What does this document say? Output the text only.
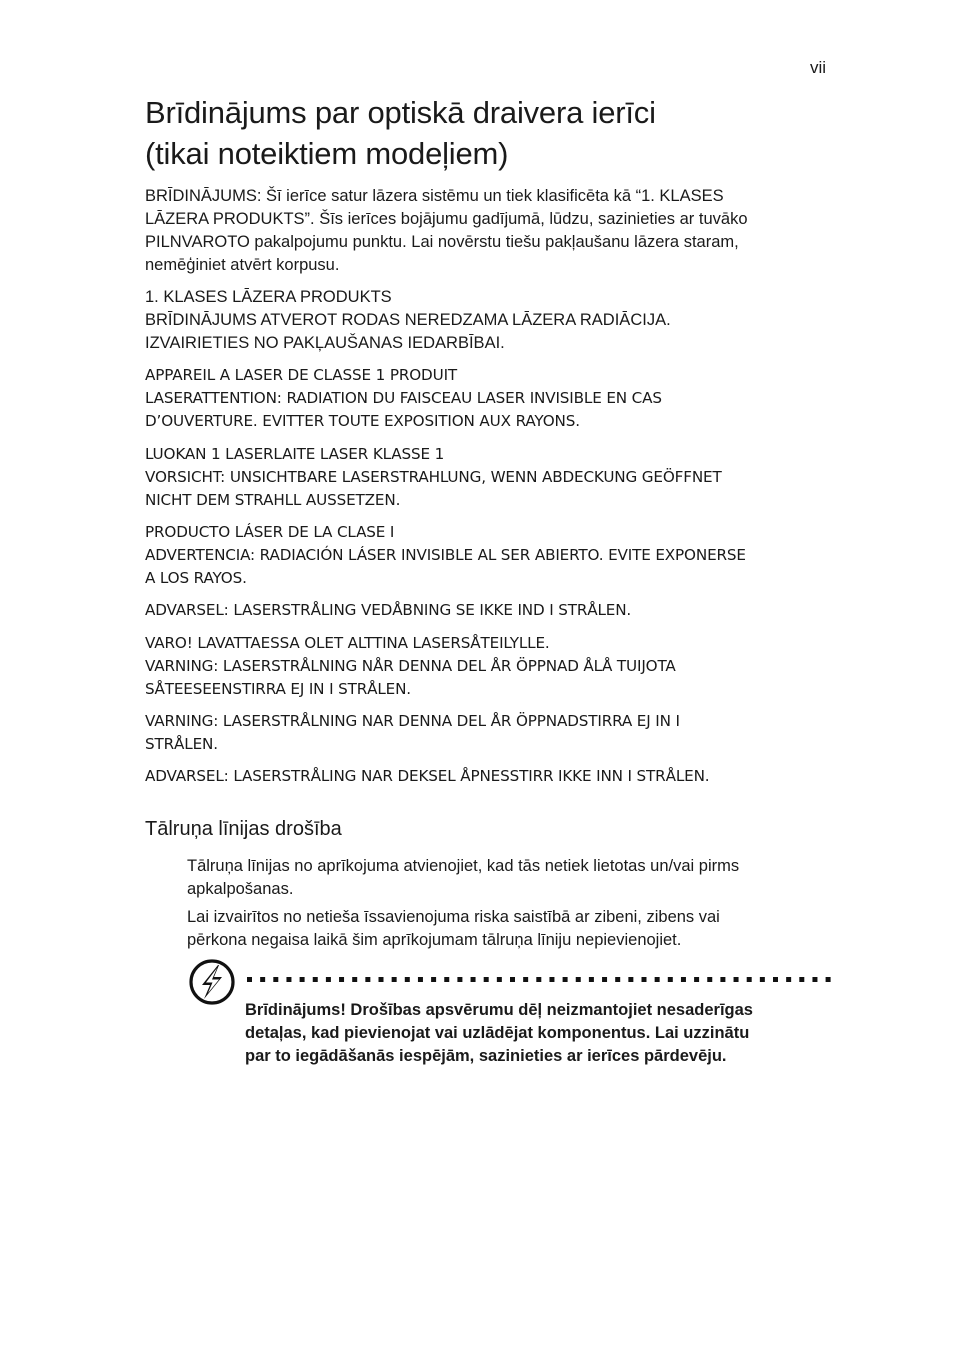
vii
Brīdinājums par optiskā draivera ierīci
(tikai noteiktiem modeļiem)

BRĪDINĀJUMS: Šī ierīce satur lāzera sistēmu un tiek klasificēta kā “1. KLASES
LĀZERA PRODUKTS”. Šīs ierīces bojājumu gadījumā, lūdzu, sazinieties ar tuvāko
PILNVAROTO pakalpojumu punktu. Lai novērstu tiešu pakļaušanu lāzera staram,
nemēģiniet atvērt korpusu.

1. KLASES LĀZERA PRODUKTS
BRĪDINĀJUMS ATVEROT RODAS NEREDZAMA LĀZERA RADIĀCIJA.
IZVAIRIETIES NO PAKĻAUŠANAS IEDARBĪBAI.

APPAREIL A LASER DE CLASSE 1 PRODUIT
LASERATTENTION: RADIATION DU FAISCEAU LASER INVISIBLE EN CAS
D’OUVERTURE. EVITTER TOUTE EXPOSITION AUX RAYONS.

LUOKAN 1 LASERLAITE LASER KLASSE 1
VORSICHT: UNSICHTBARE LASERSTRAHLUNG, WENN ABDECKUNG GEÖFFNET
NICHT DEM STRAHLL AUSSETZEN.

PRODUCTO LÁSER DE LA CLASE I
ADVERTENCIA: RADIACIÓN LÁSER INVISIBLE AL SER ABIERTO. EVITE EXPONERSE
A LOS RAYOS.

ADVARSEL: LASERSTRÅLING VEDÅBNING SE IKKE IND I STRÅLEN.

VARO! LAVATTAESSA OLET ALTTINA LASERSÅTEILYLLE.
VARNING: LASERSTRÅLNING NÅR DENNA DEL ÅR ÖPPNAD ÅLÅ TUIJOTA
SÅTEESEENSTIRRA EJ IN I STRÅLEN.

VARNING: LASERSTRÅLNING NAR DENNA DEL ÅR ÖPPNADSTIRRA EJ IN I
STRÅLEN.

ADVARSEL: LASERSTRÅLING NAR DEKSEL ÅPNESSTIRR IKKE INN I STRÅLEN.

Tālruņa līnijas drošība

Tālruņa līnijas no aprīkojuma atvienojiet, kad tās netiek lietotas un/vai pirms
apkalpošanas.

Lai izvairītos no netieša īssavienojuma riska saistībā ar zibeni, zibens vai
pērkona negaisa laikā šim aprīkojumam tālruņa līniju nepievienojiet.

Brīdinājums! Drošības apsvērumu dēļ neizmantojiet nesaderīgas
detaļas, kad pievienojat vai uzlādējat komponentus. Lai uzzinātu
par to iegādāšanās iespējām, sazinieties ar ierīces pārdevēju.
